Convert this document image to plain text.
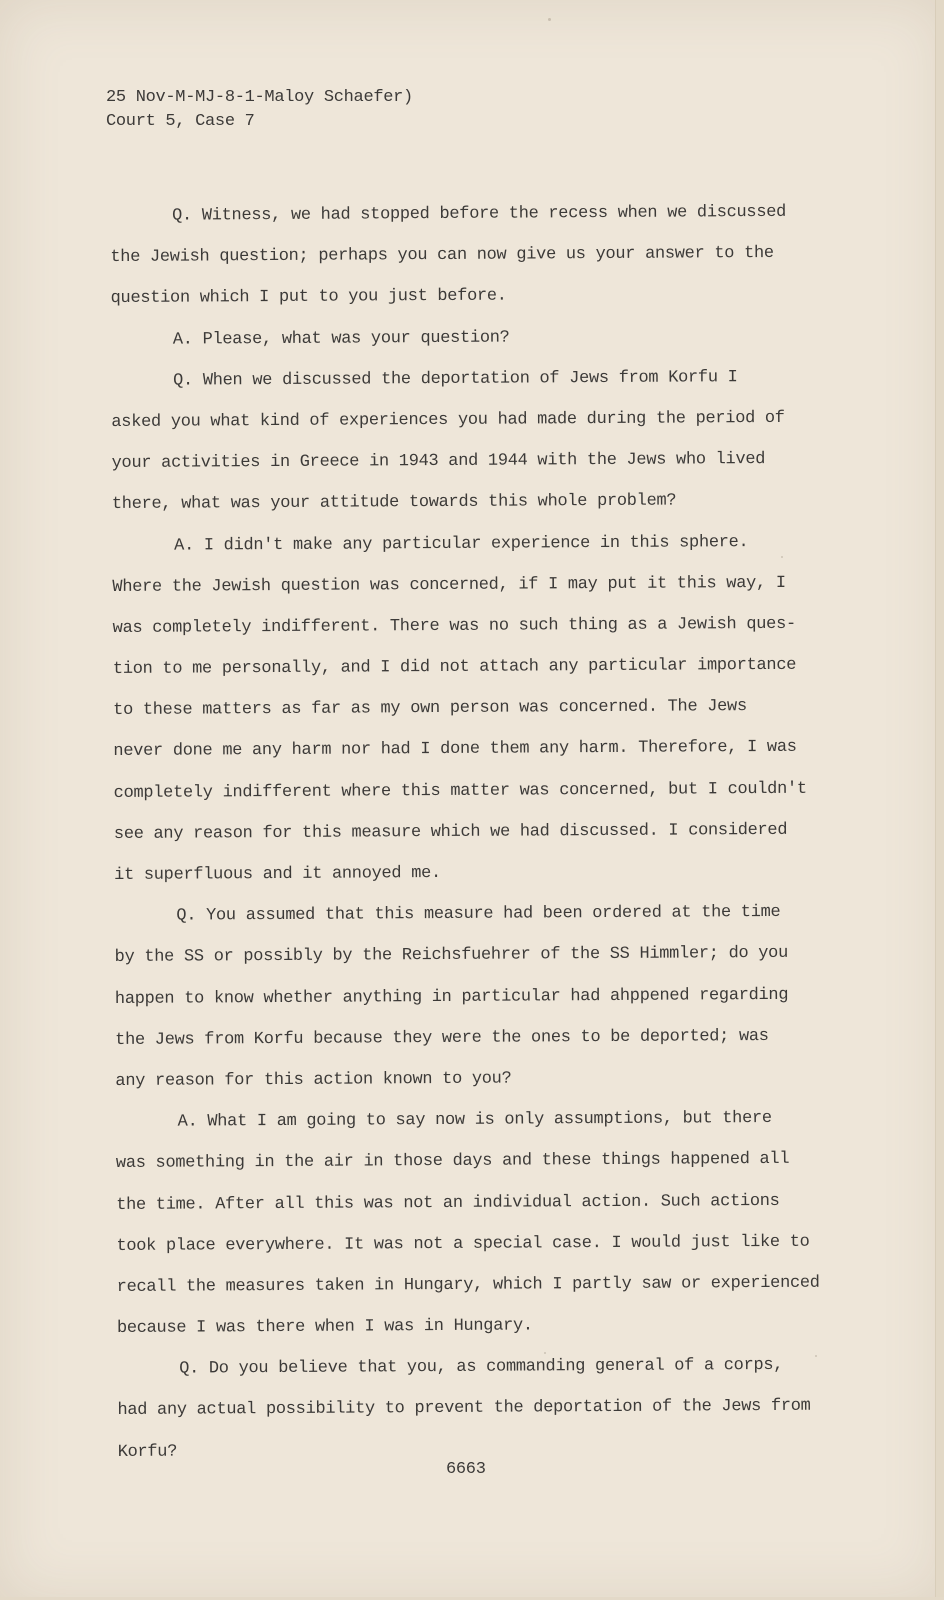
25 Nov-M-MJ-8-1-Maloy Schaefer)
Court 5, Case 7
Q. Witness, we had stopped before the recess when we discussed
the Jewish question; perhaps you can now give us your answer to the
question which I put to you just before.
A. Please, what was your question?
Q. When we discussed the deportation of Jews from Korfu I
asked you what kind of experiences you had made during the period of
your activities in Greece in 1943 and 1944 with the Jews who lived
there, what was your attitude towards this whole problem?
A. I didn't make any particular experience in this sphere.
Where the Jewish question was concerned, if I may put it this way, I
was completely indifferent. There was no such thing as a Jewish ques-
tion to me personally, and I did not attach any particular importance
to these matters as far as my own person was concerned. The Jews
never done me any harm nor had I done them any harm. Therefore, I was
completely indifferent where this matter was concerned, but I couldn't
see any reason for this measure which we had discussed. I considered
it superfluous and it annoyed me.
Q. You assumed that this measure had been ordered at the time
by the SS or possibly by the Reichsfuehrer of the SS Himmler; do you
happen to know whether anything in particular had ahppened regarding
the Jews from Korfu because they were the ones to be deported; was
any reason for this action known to you?
A. What I am going to say now is only assumptions, but there
was something in the air in those days and these things happened all
the time. After all this was not an individual action. Such actions
took place everywhere. It was not a special case. I would just like to
recall the measures taken in Hungary, which I partly saw or experienced
because I was there when I was in Hungary.
Q. Do you believe that you, as commanding general of a corps,
had any actual possibility to prevent the deportation of the Jews from
Korfu?
6663
